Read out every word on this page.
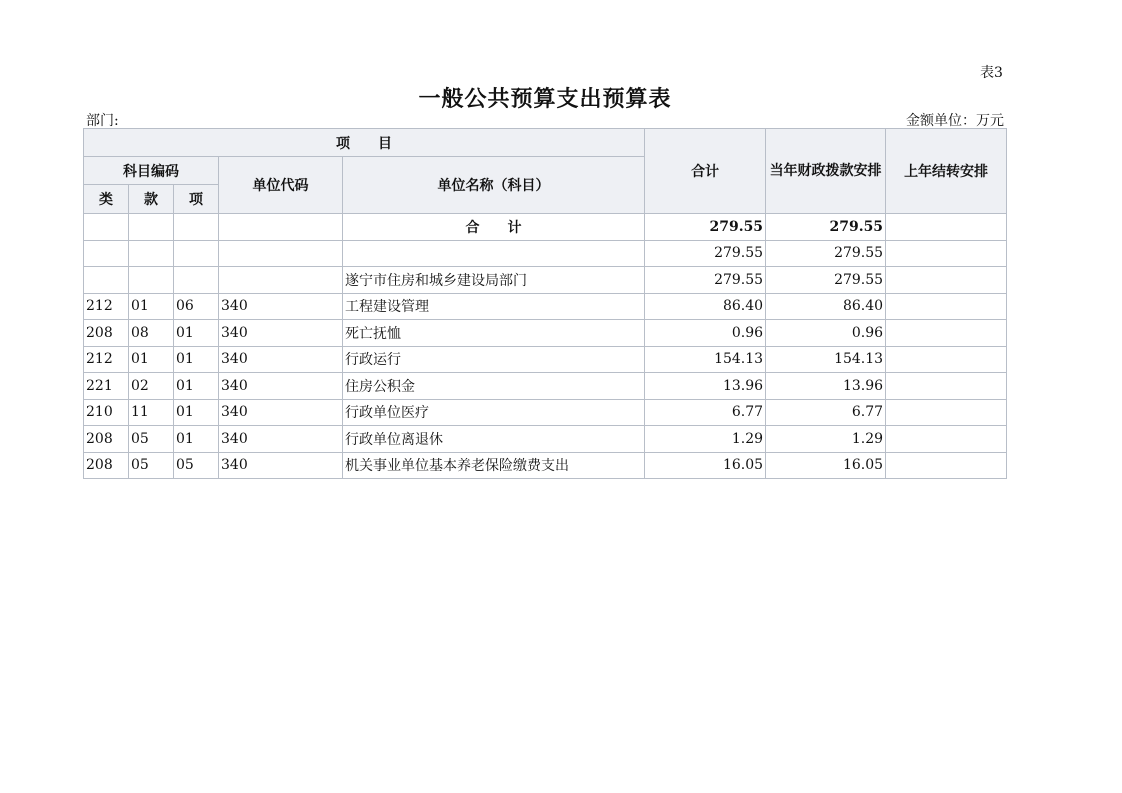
表3
一般公共预算支出预算表
部门:	金额单位：万元
项　　目					合计	当年财政拨款安排	上年结转安排
科目编码			单位代码	单位名称（科目）			
类	款	项					
				合　　计	279.55	279.55	
					279.55	279.55	
				遂宁市住房和城乡建设局部门	279.55	279.55	
212	01	06	340	工程建设管理	86.40	86.40	
208	08	01	340	死亡抚恤	0.96	0.96	
212	01	01	340	行政运行	154.13	154.13	
221	02	01	340	住房公积金	13.96	13.96	
210	11	01	340	行政单位医疗	6.77	6.77	
208	05	01	340	行政单位离退休	1.29	1.29	
208	05	05	340	机关事业单位基本养老保险缴费支出	16.05	16.05	
